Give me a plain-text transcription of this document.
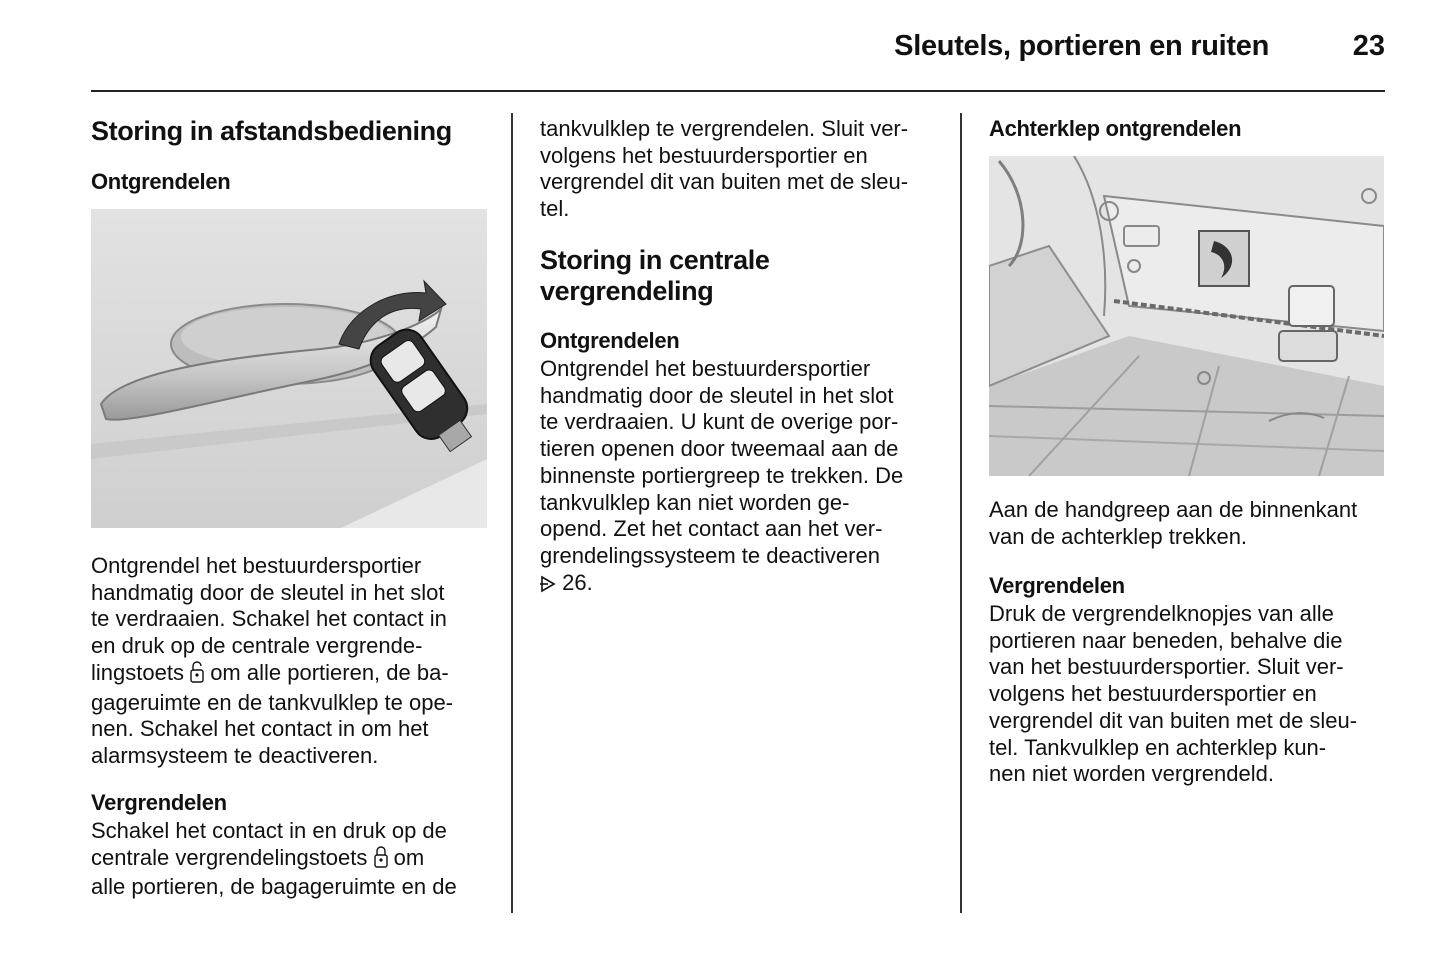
Sleutels, portieren en ruiten	23
Storing in afstandsbediening
Ontgrendelen
Ontgrendel het bestuurdersportier
handmatig door de sleutel in het slot
te verdraaien. Schakel het contact in
en druk op de centrale vergrende-
lingstoets  om alle portieren, de ba-
gageruimte en de tankvulklep te ope-
nen. Schakel het contact in om het
alarmsysteem te deactiveren.
Vergrendelen
Schakel het contact in en druk op de
centrale vergrendelingstoets  om
alle portieren, de bagageruimte en de
tankvulklep te vergrendelen. Sluit ver-
volgens het bestuurdersportier en
vergrendel dit van buiten met de sleu-
tel.
Storing in centrale
vergrendeling
Ontgrendelen
Ontgrendel het bestuurdersportier
handmatig door de sleutel in het slot
te verdraaien. U kunt de overige por-
tieren openen door tweemaal aan de
binnenste portiergreep te trekken. De
tankvulklep kan niet worden ge-
opend. Zet het contact aan het ver-
grendelingssysteem te deactiveren
26.
Achterklep ontgrendelen
Aan de handgreep aan de binnenkant
van de achterklep trekken.
Vergrendelen
Druk de vergrendelknopjes van alle
portieren naar beneden, behalve die
van het bestuurdersportier. Sluit ver-
volgens het bestuurdersportier en
vergrendel dit van buiten met de sleu-
tel. Tankvulklep en achterklep kun-
nen niet worden vergrendeld.
